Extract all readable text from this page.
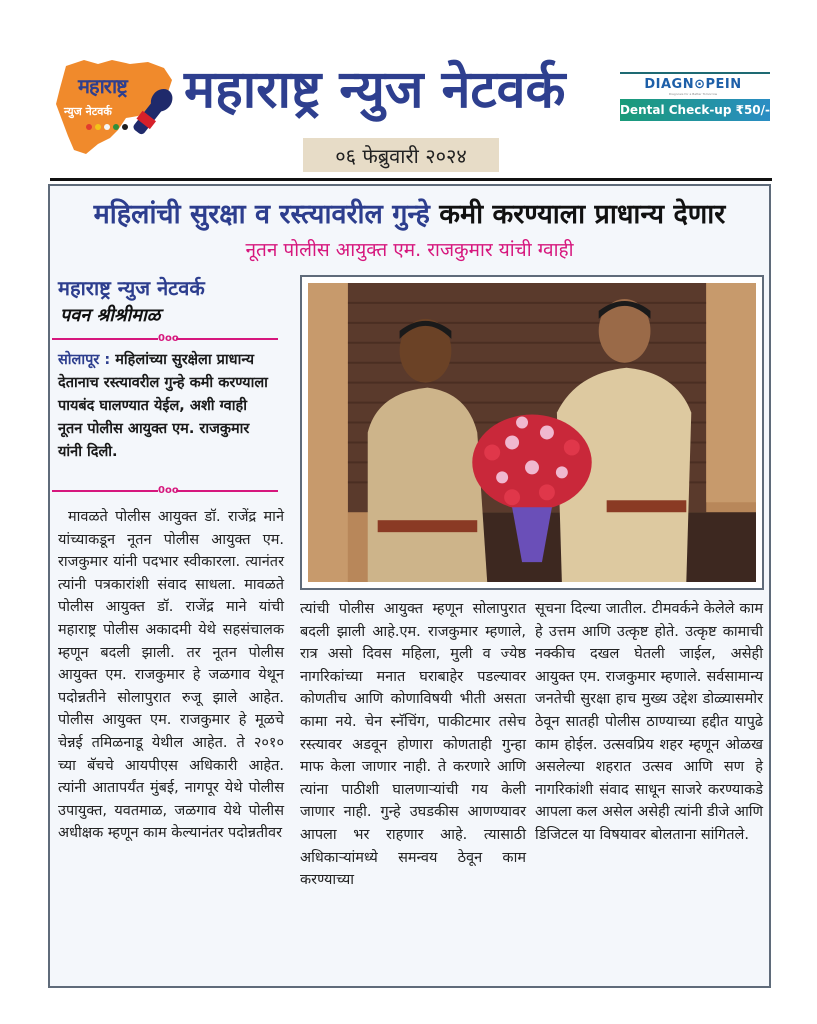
महाराष्ट्र
न्युज नेटवर्क महाराष्ट्र न्युज नेटवर्क
०६ फेब्रुवारी २०२४
DIAGN⊙PEIN
Diagnosis for a Better Tomorrow
Dental Check-up ₹50/-
महिलांची सुरक्षा व रस्त्यावरील गुन्हे कमी करण्याला प्राधान्य देणार
नूतन पोलीस आयुक्त एम. राजकुमार यांची ग्वाही
महाराष्ट्र न्युज नेटवर्क
पवन श्रीश्रीमाळ
0oo
सोलापूर : महिलांच्या सुरक्षेला प्राधान्य देतानाच रस्त्यावरील गुन्हे कमी करण्याला पायबंद घालण्यात येईल, अशी ग्वाही नूतन पोलीस आयुक्त एम. राजकुमार यांनी दिली.
0oo

मावळते पोलीस आयुक्त डॉ. राजेंद्र माने यांच्याकडून नूतन पोलीस आयुक्त एम. राजकुमार यांनी पदभार स्वीकारला. त्यानंतर त्यांनी पत्रकारांशी संवाद साधला. मावळते पोलीस आयुक्त डॉ. राजेंद्र माने यांची महाराष्ट्र पोलीस अकादमी येथे सहसंचालक म्हणून बदली झाली. तर नूतन पोलीस आयुक्त एम. राजकुमार हे जळगाव येथून पदोन्नतीने सोलापुरात रुजू झाले आहेत. पोलीस आयुक्त एम. राजकुमार हे मूळचे चेन्नई तमिळनाडू येथील आहेत. ते २०१० च्या बॅचचे आयपीएस अधिकारी आहेत. त्यांनी आतापर्यंत मुंबई, नागपूर येथे पोलीस उपायुक्त, यवतमाळ, जळगाव येथे पोलीस अधीक्षक म्हणून काम केल्यानंतर पदोन्नतीवर

त्यांची पोलीस आयुक्त म्हणून सोलापुरात बदली झाली आहे.एम. राजकुमार म्हणाले, रात्र असो दिवस महिला, मुली व ज्येष्ठ नागरिकांच्या मनात घराबाहेर पडल्यावर कोणतीच आणि कोणाविषयी भीती असता कामा नये. चेन स्नॅचिंग, पाकीटमार तसेच रस्त्यावर अडवून होणारा कोणताही गुन्हा माफ केला जाणार नाही. ते करणारे आणि त्यांना पाठीशी घालणाऱ्यांची गय केली जाणार नाही. गुन्हे उघडकीस आणण्यावर आपला भर राहणार आहे. त्यासाठी अधिकाऱ्यांमध्ये समन्वय ठेवून काम करण्याच्या

सूचना दिल्या जातील. टीमवर्कने केलेले काम हे उत्तम आणि उत्कृष्ट होते. उत्कृष्ट कामाची नक्कीच दखल घेतली जाईल, असेही आयुक्त एम. राजकुमार म्हणाले. सर्वसामान्य जनतेची सुरक्षा हाच मुख्य उद्देश डोळ्यासमोर ठेवून सातही पोलीस ठाण्याच्या हद्दीत यापुढे काम होईल. उत्सवप्रिय शहर म्हणून ओळख असलेल्या शहरात उत्सव आणि सण हे नागरिकांशी संवाद साधून साजरे करण्याकडे आपला कल असेल असेही त्यांनी डीजे आणि डिजिटल या विषयावर बोलताना सांगितले.
